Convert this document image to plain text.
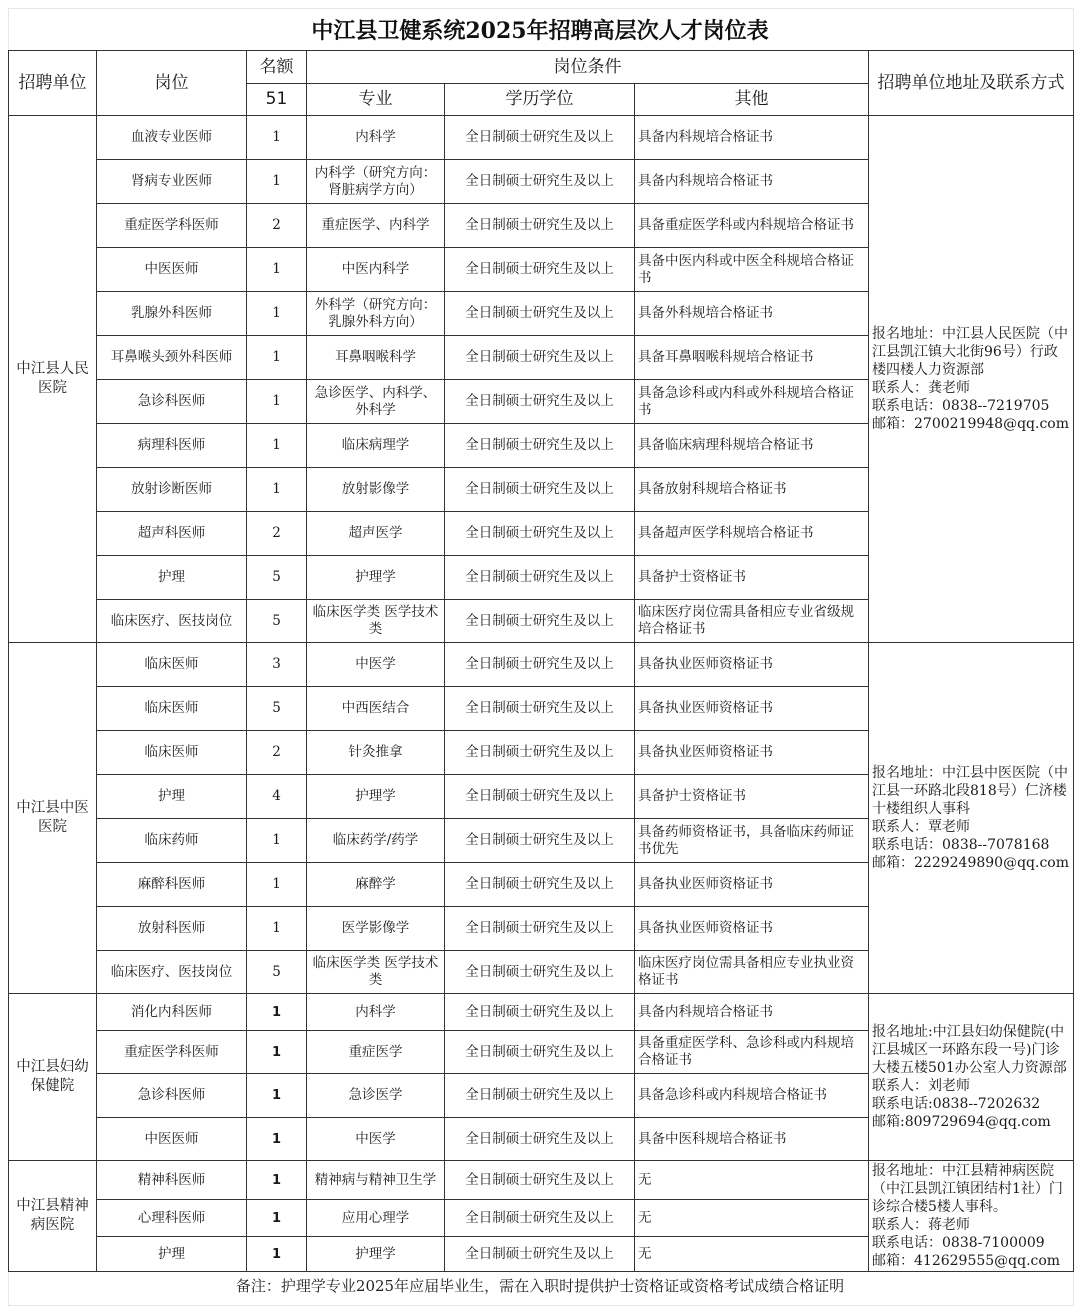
中江县卫健系统2025年招聘高层次人才岗位表
招聘单位	岗位	名额	岗位条件			招聘单位地址及联系方式
		51	专业	学历学位	其他	
中江县人民医院	血液专业医师	1	内科学	全日制硕士研究生及以上	具备内科规培合格证书	报名地址：中江县人民医院（中江县凯江镇大北街96号）行政楼四楼人力资源部
联系人：龚老师
联系电话：0838--7219705
邮箱：2700219948@qq.com

	肾病专业医师	1	内科学（研究方向：肾脏病学方向）	全日制硕士研究生及以上	具备内科规培合格证书	
	重症医学科医师	2	重症医学、内科学	全日制硕士研究生及以上	具备重症医学科或内科规培合格证书	
	中医医师	1	中医内科学	全日制硕士研究生及以上	具备中医内科或中医全科规培合格证书	
	乳腺外科医师	1	外科学（研究方向：乳腺外科方向）	全日制硕士研究生及以上	具备外科规培合格证书	
	耳鼻喉头颈外科医师	1	耳鼻咽喉科学	全日制硕士研究生及以上	具备耳鼻咽喉科规培合格证书	
	急诊科医师	1	急诊医学、内科学、外科学	全日制硕士研究生及以上	具备急诊科或内科或外科规培合格证书	
	病理科医师	1	临床病理学	全日制硕士研究生及以上	具备临床病理科规培合格证书	
	放射诊断医师	1	放射影像学	全日制硕士研究生及以上	具备放射科规培合格证书	
	超声科医师	2	超声医学	全日制硕士研究生及以上	具备超声医学科规培合格证书	
	护理	5	护理学	全日制硕士研究生及以上	具备护士资格证书	
	临床医疗、医技岗位	5	临床医学类 医学技术类	全日制硕士研究生及以上	临床医疗岗位需具备相应专业省级规培合格证书	
中江县中医医院	临床医师	3	中医学	全日制硕士研究生及以上	具备执业医师资格证书	报名地址：中江县中医医院（中江县一环路北段818号）仁济楼十楼组织人事科
联系人：覃老师
联系电话：0838--7078168
邮箱：2229249890@qq.com

	临床医师	5	中西医结合	全日制硕士研究生及以上	具备执业医师资格证书	
	临床医师	2	针灸推拿	全日制硕士研究生及以上	具备执业医师资格证书	
	护理	4	护理学	全日制硕士研究生及以上	具备护士资格证书	
	临床药师	1	临床药学/药学	全日制硕士研究生及以上	具备药师资格证书，具备临床药师证书优先	
	麻醉科医师	1	麻醉学	全日制硕士研究生及以上	具备执业医师资格证书	
	放射科医师	1	医学影像学	全日制硕士研究生及以上	具备执业医师资格证书	
	临床医疗、医技岗位	5	临床医学类 医学技术类	全日制硕士研究生及以上	临床医疗岗位需具备相应专业执业资格证书	
中江县妇幼保健院	消化内科医师	1	内科学	全日制硕士研究生及以上	具备内科规培合格证书	报名地址:中江县妇幼保健院(中江县城区一环路东段一号)门诊大楼五楼501办公室人力资源部
联系人：刘老师
联系电话:0838--7202632
邮箱:809729694@qq.com

	重症医学科医师	1	重症医学	全日制硕士研究生及以上	具备重症医学科、急诊科或内科规培合格证书	
	急诊科医师	1	急诊医学	全日制硕士研究生及以上	具备急诊科或内科规培合格证书	
	中医医师	1	中医学	全日制硕士研究生及以上	具备中医科规培合格证书	
中江县精神病医院	精神科医师	1	精神病与精神卫生学	全日制硕士研究生及以上	无	报名地址：中江县精神病医院（中江县凯江镇团结村1社）门诊综合楼5楼人事科。
联系人：蒋老师
联系电话：0838-7100009
邮箱：412629555@qq.com

	心理科医师	1	应用心理学	全日制硕士研究生及以上	无	
	护理	1	护理学	全日制硕士研究生及以上	无	
备注：护理学专业2025年应届毕业生，需在入职时提供护士资格证或资格考试成绩合格证明
